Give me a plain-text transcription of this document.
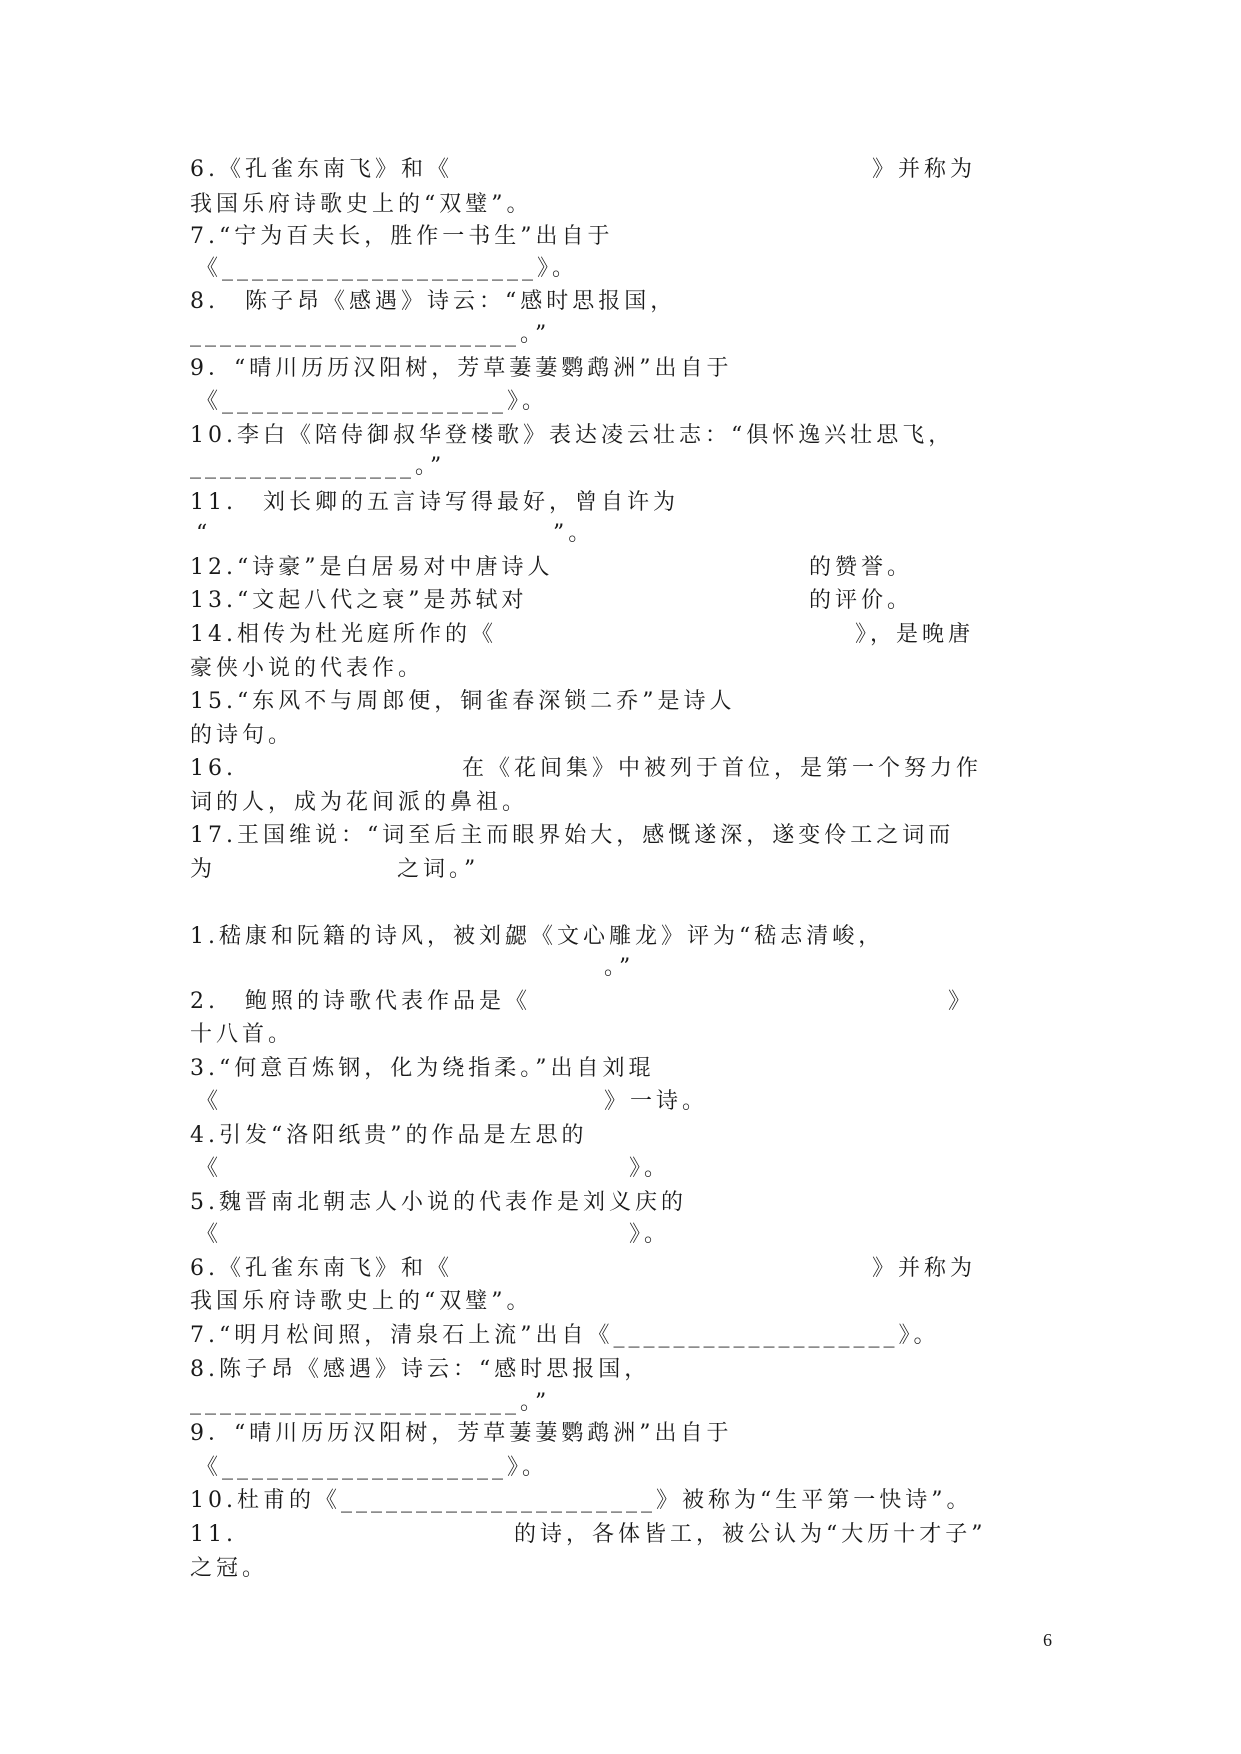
6.《孔雀东南飞》和《	》并称为
我国乐府诗歌史上的“双璧”。
7.“宁为百夫长，胜作一书生”出自于
《_____________________》。
8.　陈子昂《感遇》诗云：“感时思报国，
______________________。”
9．“晴川历历汉阳树，芳草萋萋鹦鹉洲”出自于
《___________________》。
10.李白《陪侍御叔华登楼歌》表达凌云壮志：“俱怀逸兴壮思飞，
_______________。”
11.　刘长卿的五言诗写得最好，曾自许为
“	”。
12.“诗豪”是白居易对中唐诗人	的赞誉。
13.“文起八代之衰”是苏轼对	的评价。
14.相传为杜光庭所作的《	》，是晚唐
豪侠小说的代表作。
15.“东风不与周郎便，铜雀春深锁二乔”是诗人
的诗句。
16.	在《花间集》中被列于首位，是第一个努力作
词的人，成为花间派的鼻祖。
17.王国维说：“词至后主而眼界始大，感慨遂深，遂变伶工之词而
为	之词。”
1.嵇康和阮籍的诗风，被刘勰《文心雕龙》评为“嵇志清峻，
。”
2.　鲍照的诗歌代表作品是《	》
十八首。
3.“何意百炼钢，化为绕指柔。”出自刘琨
《	》一诗。
4.引发“洛阳纸贵”的作品是左思的
《	》。
5.魏晋南北朝志人小说的代表作是刘义庆的
《	》。
6.《孔雀东南飞》和《	》并称为
我国乐府诗歌史上的“双璧”。
7.“明月松间照，清泉石上流”出自《___________________》。
8.陈子昂《感遇》诗云：“感时思报国，
______________________。”
9．“晴川历历汉阳树，芳草萋萋鹦鹉洲”出自于
《___________________》。
10.杜甫的《_____________________》被称为“生平第一快诗”。
11.	的诗，各体皆工，被公认为“大历十才子”
之冠。
6
